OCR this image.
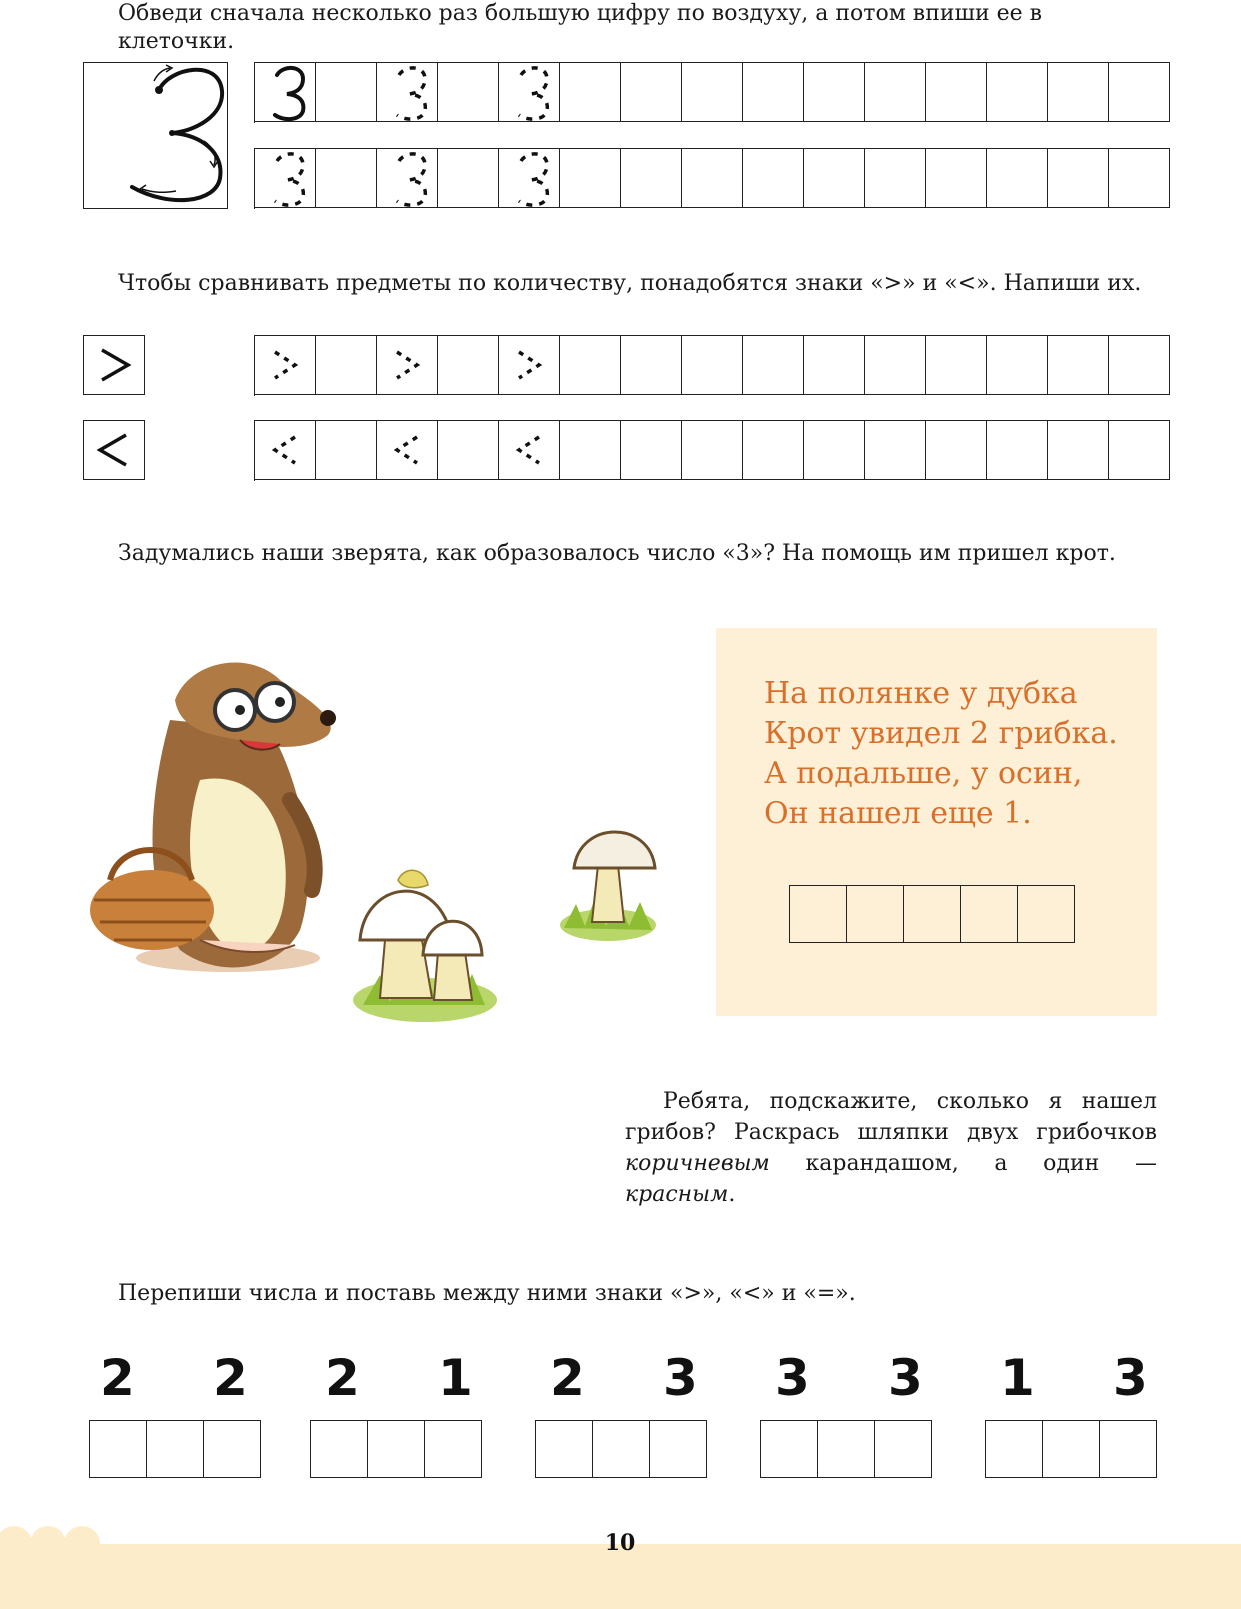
Обведи сначала несколько раз большую цифру по воздуху, а потом впиши ее в клеточки.

Чтобы сравнивать предметы по количеству, понадобятся знаки «>» и «<». Напиши их.

Задумались наши зверята, как образовалось число «3»? На помощь им пришел крот.

На полянке у дубка

Крот увидел 2 грибка.

А подальше, у осин,

Он нашел еще 1.

Ребята, подскажите, сколько я нашел грибов? Раскрась шляпки двух грибочков коричневым карандашом, а один — красным.

Перепиши числа и поставь между ними знаки «>», «<» и «=».

2 2 2 1 2 3 3 3 1 3
10
